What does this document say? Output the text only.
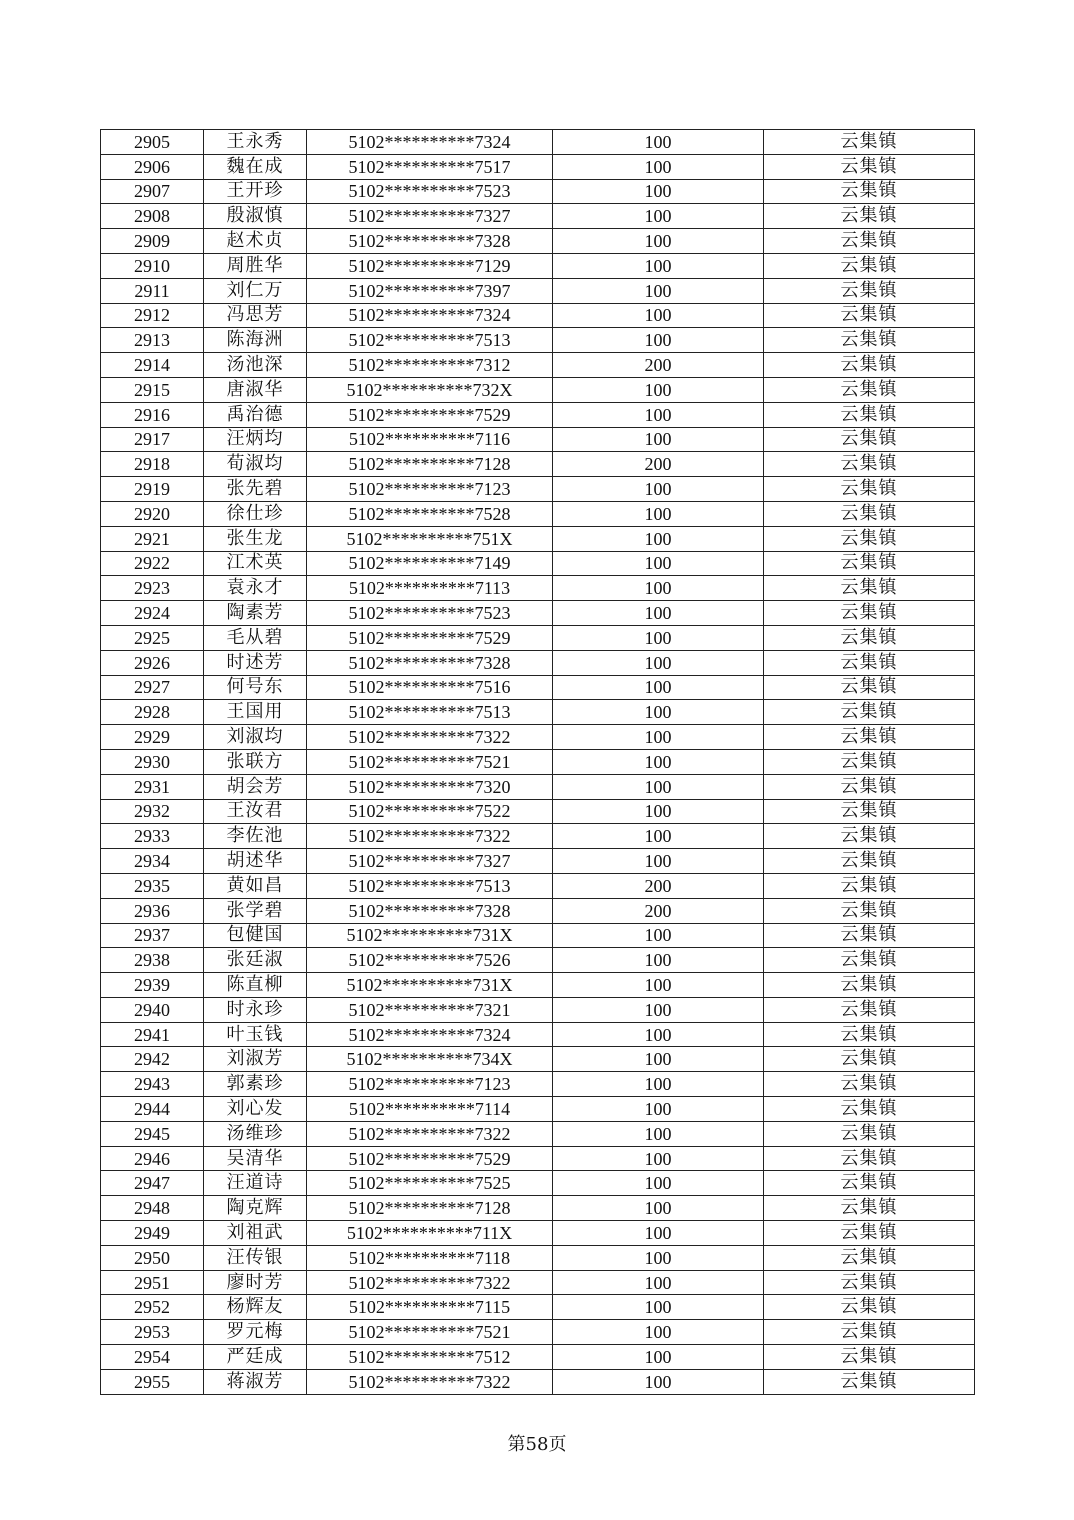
2905	王永秀	5102**********7324	100	云集镇
2906	魏在成	5102**********7517	100	云集镇
2907	王开珍	5102**********7523	100	云集镇
2908	殷淑慎	5102**********7327	100	云集镇
2909	赵术贞	5102**********7328	100	云集镇
2910	周胜华	5102**********7129	100	云集镇
2911	刘仁万	5102**********7397	100	云集镇
2912	冯思芳	5102**********7324	100	云集镇
2913	陈海洲	5102**********7513	100	云集镇
2914	汤池深	5102**********7312	200	云集镇
2915	唐淑华	5102**********732X	100	云集镇
2916	禹治德	5102**********7529	100	云集镇
2917	汪炳均	5102**********7116	100	云集镇
2918	荀淑均	5102**********7128	200	云集镇
2919	张先碧	5102**********7123	100	云集镇
2920	徐仕珍	5102**********7528	100	云集镇
2921	张生龙	5102**********751X	100	云集镇
2922	江术英	5102**********7149	100	云集镇
2923	袁永才	5102**********7113	100	云集镇
2924	陶素芳	5102**********7523	100	云集镇
2925	毛从碧	5102**********7529	100	云集镇
2926	时述芳	5102**********7328	100	云集镇
2927	何号东	5102**********7516	100	云集镇
2928	王国用	5102**********7513	100	云集镇
2929	刘淑均	5102**********7322	100	云集镇
2930	张联方	5102**********7521	100	云集镇
2931	胡会芳	5102**********7320	100	云集镇
2932	王汝君	5102**********7522	100	云集镇
2933	李佐池	5102**********7322	100	云集镇
2934	胡述华	5102**********7327	100	云集镇
2935	黄如昌	5102**********7513	200	云集镇
2936	张学碧	5102**********7328	200	云集镇
2937	包健国	5102**********731X	100	云集镇
2938	张廷淑	5102**********7526	100	云集镇
2939	陈直柳	5102**********731X	100	云集镇
2940	时永珍	5102**********7321	100	云集镇
2941	叶玉钱	5102**********7324	100	云集镇
2942	刘淑芳	5102**********734X	100	云集镇
2943	郭素珍	5102**********7123	100	云集镇
2944	刘心发	5102**********7114	100	云集镇
2945	汤维珍	5102**********7322	100	云集镇
2946	吴清华	5102**********7529	100	云集镇
2947	汪道诗	5102**********7525	100	云集镇
2948	陶克辉	5102**********7128	100	云集镇
2949	刘祖武	5102**********711X	100	云集镇
2950	汪传银	5102**********7118	100	云集镇
2951	廖时芳	5102**********7322	100	云集镇
2952	杨辉友	5102**********7115	100	云集镇
2953	罗元梅	5102**********7521	100	云集镇
2954	严廷成	5102**********7512	100	云集镇
2955	蒋淑芳	5102**********7322	100	云集镇
第58页
